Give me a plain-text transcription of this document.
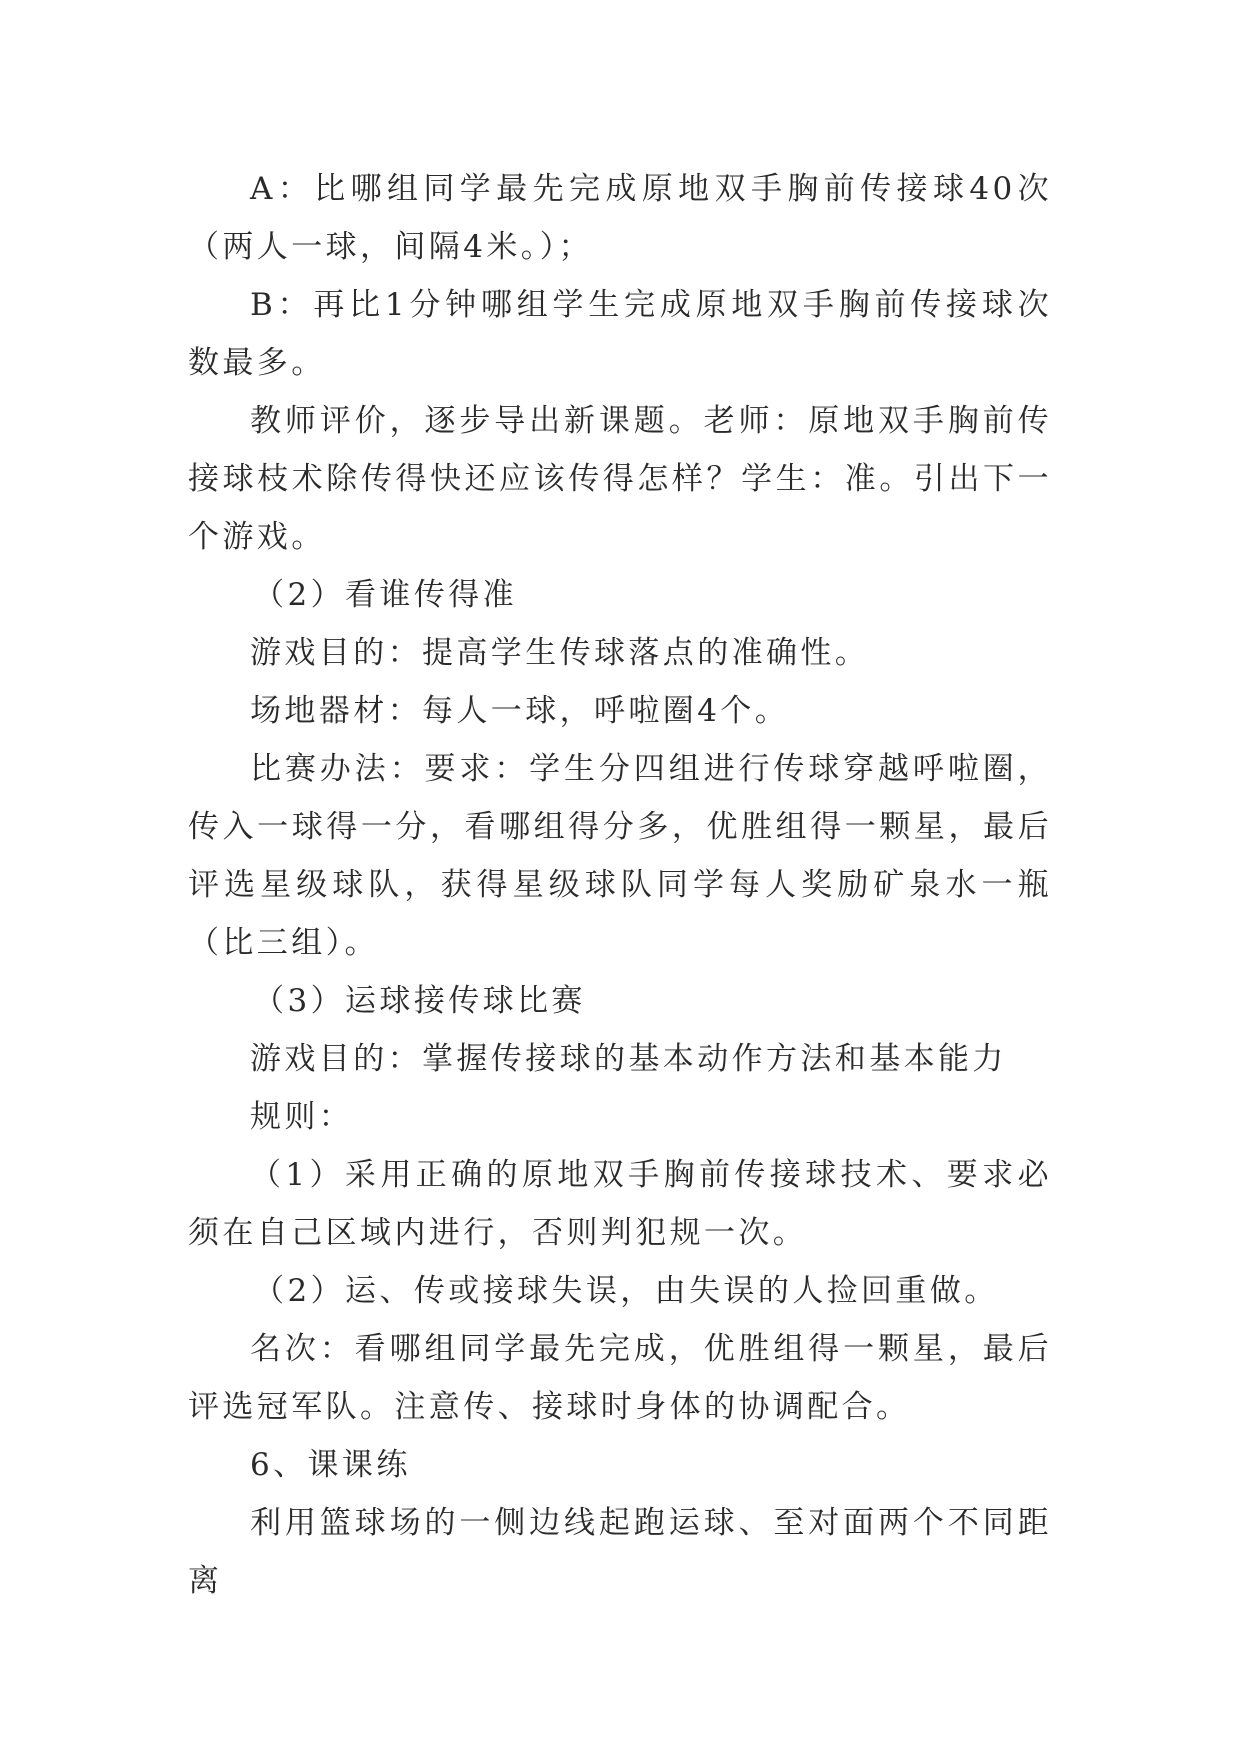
A：比哪组同学最先完成原地双手胸前传接球40次（两人一球，间隔4米。）；

B：再比1分钟哪组学生完成原地双手胸前传接球次数最多。

教师评价，逐步导出新课题。老师：原地双手胸前传接球枝术除传得快还应该传得怎样？学生：准。引出下一个游戏。

（2）看谁传得准

游戏目的：提高学生传球落点的准确性。

场地器材：每人一球，呼啦圈4个。

比赛办法：要求：学生分四组进行传球穿越呼啦圈，传入一球得一分，看哪组得分多，优胜组得一颗星，最后评选星级球队，获得星级球队同学每人奖励矿泉水一瓶（比三组）。

（3）运球接传球比赛

游戏目的：掌握传接球的基本动作方法和基本能力

规则：

（1）采用正确的原地双手胸前传接球技术、要求必须在自己区域内进行，否则判犯规一次。

（2）运、传或接球失误，由失误的人捡回重做。

名次：看哪组同学最先完成，优胜组得一颗星，最后评选冠军队。注意传、接球时身体的协调配合。

6、课课练

利用篮球场的一侧边线起跑运球、至对面两个不同距离
